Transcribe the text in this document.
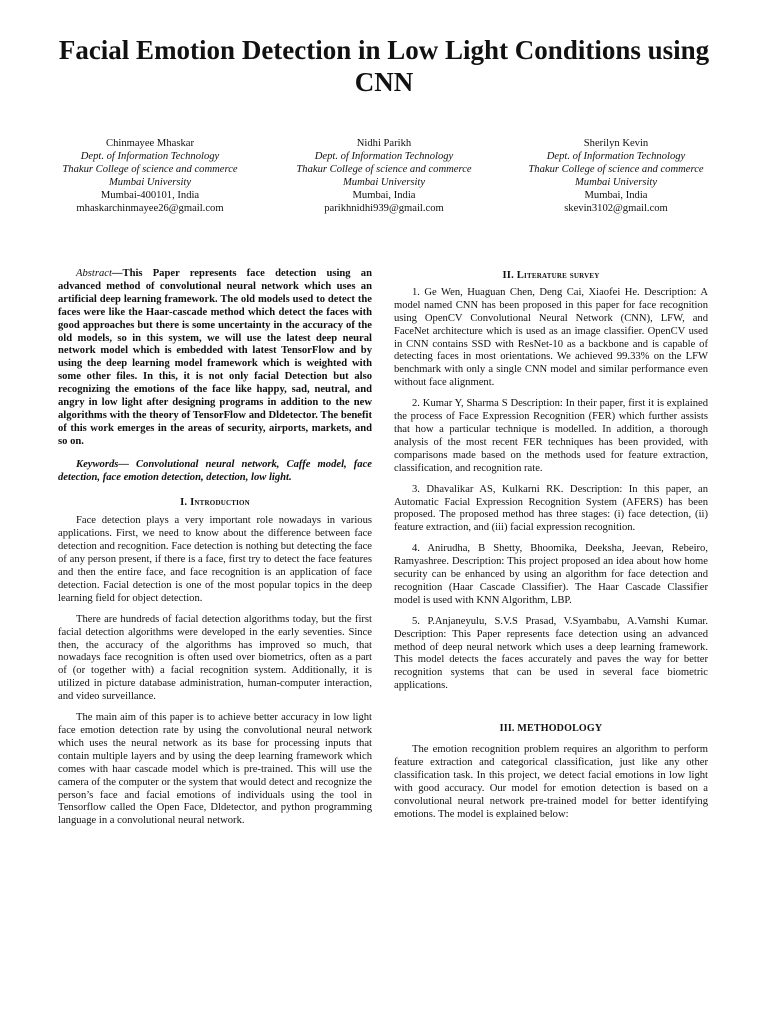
Facial Emotion Detection in Low Light Conditions using CNN
Chinmayee Mhaskar
Dept. of Information Technology
Thakur College of science and commerce
Mumbai University
Mumbai-400101, India
mhaskarchinmayee26@gmail.com
Nidhi Parikh
Dept. of Information Technology
Thakur College of science and commerce
Mumbai University
Mumbai, India
parikhnidhi939@gmail.com
Sherilyn Kevin
Dept. of Information Technology
Thakur College of science and commerce
Mumbai University
Mumbai, India
skevin3102@gmail.com

Abstract—This Paper represents face detection using an advanced method of convolutional neural network which uses an artificial deep learning framework. The old models used to detect the faces were like the Haar-cascade method which detect the faces with good approaches but there is some uncertainty in the accuracy of the old models, so in this system, we will use the latest deep neural network model which is embedded with latest TensorFlow and by using the deep learning model framework which is weighted with some other files. In this, it is not only facial Detection but also recognizing the emotions of the face like happy, sad, neutral, and angry in low light after designing programs in addition to the new algorithms with the theory of TensorFlow and Dldetector. The benefit of this work emerges in the areas of security, airports, markets, and so on.

Keywords— Convolutional neural network, Caffe model, face detection, face emotion detection, detection, low light.

I. Introduction

Face detection plays a very important role nowadays in various applications. First, we need to know about the difference between face detection and recognition. Face detection is nothing but detecting the face of any person present, if there is a face, first try to detect the face features and then the entire face, and face recognition is an application of face detection. Facial detection is one of the most popular topics in the deep learning field for object detection.

There are hundreds of facial detection algorithms today, but the first facial detection algorithms were developed in the early seventies. Since then, the accuracy of the algorithms has improved so much, that nowadays face recognition is often used over biometrics, often as a part of (or together with) a facial recognition system. Additionally, it is utilized in picture database administration, human-computer interaction, and video surveillance.

The main aim of this paper is to achieve better accuracy in low light face emotion detection rate by using the convolutional neural network which uses the neural network as its base for processing inputs that contain multiple layers and by using the deep learning framework which comes with haar cascade model which is pre-trained. This will use the camera of the computer or the system that would detect and recognize the person’s face and facial emotions of individuals using the tool in Tensorflow called the Open Face, Dldetector, and python programming language in a convolutional neural network.

II. Literature survey

1. Ge Wen, Huaguan Chen, Deng Cai, Xiaofei He. Description: A model named CNN has been proposed in this paper for face recognition using OpenCV Convolutional Neural Network (CNN), LFW, and FaceNet architecture which is used as an image classifier. OpenCV used in CNN contains SSD with ResNet-10 as a backbone and is capable of detecting faces in most orientations. We achieved 99.33% on the LFW benchmark with only a single CNN model and similar performance even without face alignment.

2. Kumar Y, Sharma S Description: In their paper, first it is explained the process of Face Expression Recognition (FER) which further assists that how a particular technique is modelled. In addition, a thorough analysis of the most recent FER techniques has been provided, with comparisons made based on the methods used for feature extraction, classification, and recognition rate.

3. Dhavalikar AS, Kulkarni RK. Description: In this paper, an Automatic Facial Expression Recognition System (AFERS) has been proposed. The proposed method has three stages: (i) face detection, (ii) feature extraction, and (iii) facial expression recognition.

4. Anirudha, B Shetty, Bhoomika, Deeksha, Jeevan, Rebeiro, Ramyashree. Description: This project proposed an idea about how home security can be enhanced by using an algorithm for face detection and recognition (Haar Cascade Classifier). The Haar Cascade Classifier model is used with KNN Algorithm, LBP.

5. P.Anjaneyulu, S.V.S Prasad, V.Syambabu, A.Vamshi Kumar. Description: This Paper represents face detection using an advanced method of deep neural network which uses a deep learning framework. This model detects the faces accurately and paves the way for better recognition systems that can be used in several face biometric applications.

III. METHODOLOGY

The emotion recognition problem requires an algorithm to perform feature extraction and categorical classification, just like any other classification task. In this project, we detect facial emotions in low light with good accuracy. Our model for emotion detection is based on a convolutional neural network pre-trained model for better identifying emotions. The model is explained below:
